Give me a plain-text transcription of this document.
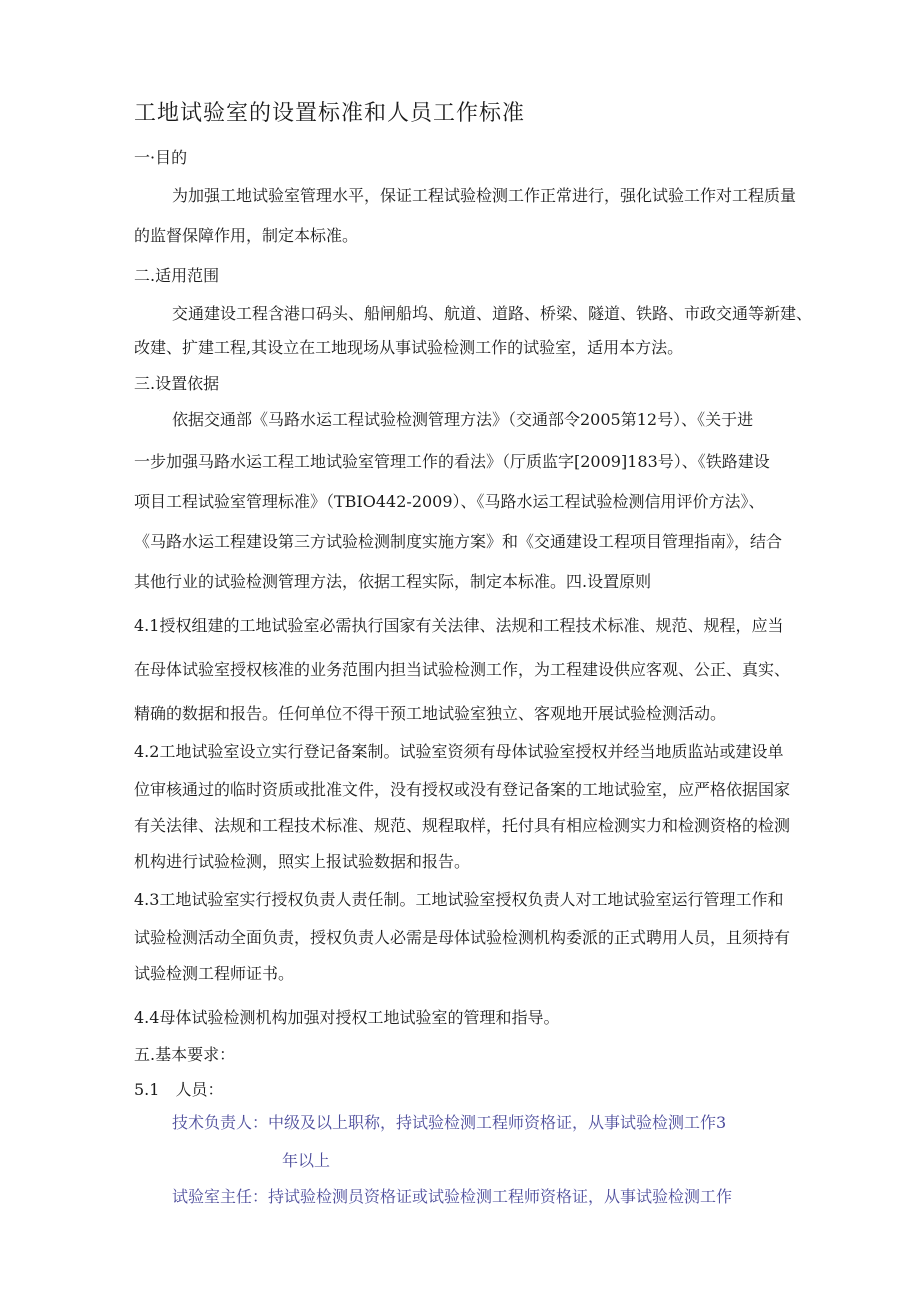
工地试验室的设置标准和人员工作标准
一·目的
为加强工地试验室管理水平，保证工程试验检测工作正常进行，强化试验工作对工程质量
的监督保障作用，制定本标准。
二.适用范围
交通建设工程含港口码头、船闸船坞、航道、道路、桥梁、隧道、铁路、市政交通等新建、
改建、扩建工程,其设立在工地现场从事试验检测工作的试验室，适用本方法。
三.设置依据
依据交通部《马路水运工程试验检测管理方法》（交通部令2005第12号）、《关于进
一步加强马路水运工程工地试验室管理工作的看法》（厅质监字[2009]183号）、《铁路建设
项目工程试验室管理标准》（TBIO442-2009）、《马路水运工程试验检测信用评价方法》、
《马路水运工程建设第三方试验检测制度实施方案》和《交通建设工程项目管理指南》，结合
其他行业的试验检测管理方法，依据工程实际，制定本标准。四.设置原则
4.1授权组建的工地试验室必需执行国家有关法律、法规和工程技术标准、规范、规程，应当
在母体试验室授权核准的业务范围内担当试验检测工作，为工程建设供应客观、公正、真实、
精确的数据和报告。任何单位不得干预工地试验室独立、客观地开展试验检测活动。
4.2工地试验室设立实行登记备案制。试验室资须有母体试验室授权并经当地质监站或建设单
位审核通过的临时资质或批准文件，没有授权或没有登记备案的工地试验室，应严格依据国家
有关法律、法规和工程技术标准、规范、规程取样，托付具有相应检测实力和检测资格的检测
机构进行试验检测，照实上报试验数据和报告。
4.3工地试验室实行授权负责人责任制。工地试验室授权负责人对工地试验室运行管理工作和
试验检测活动全面负责，授权负责人必需是母体试验检测机构委派的正式聘用人员，且须持有
试验检测工程师证书。
4.4母体试验检测机构加强对授权工地试验室的管理和指导。
五.基本要求：
5.1　人员：
技术负责人：中级及以上职称，持试验检测工程师资格证，从事试验检测工作3
年以上
试验室主任：持试验检测员资格证或试验检测工程师资格证，从事试验检测工作
